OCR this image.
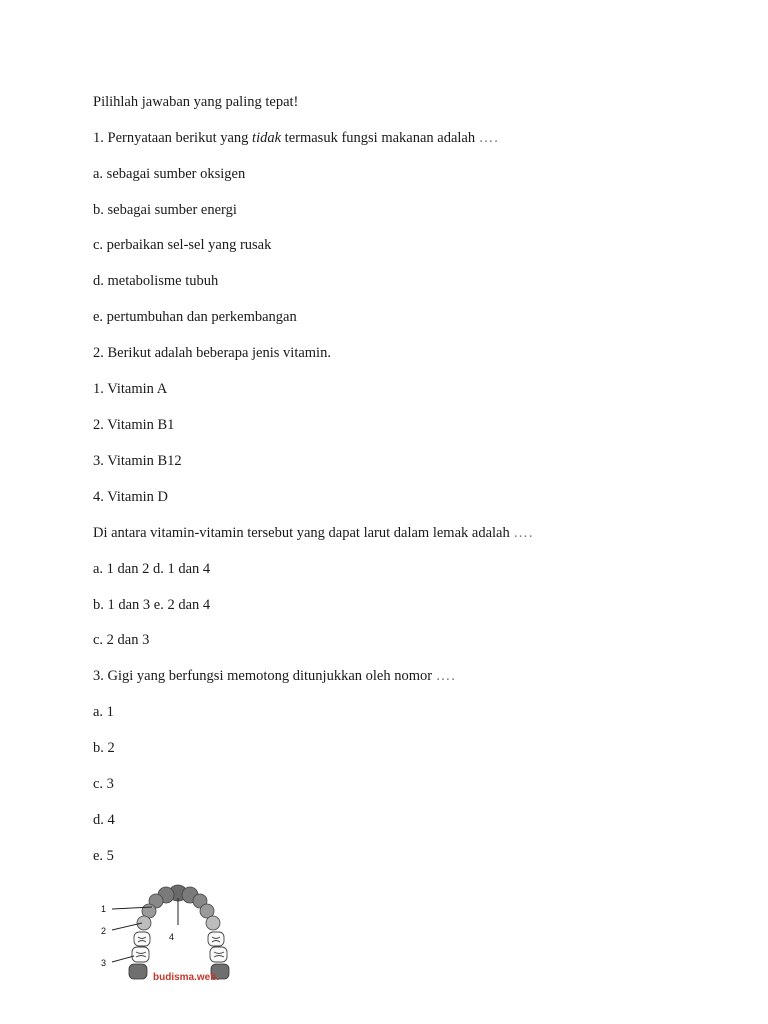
Pilihlah jawaban yang paling tepat!
1. Pernyataan berikut yang tidak termasuk fungsi makanan adalah ….
a. sebagai sumber oksigen
b. sebagai sumber energi
c. perbaikan sel-sel yang rusak
d. metabolisme tubuh
e. pertumbuhan dan perkembangan
2. Berikut adalah beberapa jenis vitamin.
1. Vitamin A
2. Vitamin B1
3. Vitamin B12
4. Vitamin D
Di antara vitamin-vitamin tersebut yang dapat larut dalam lemak adalah ….
a. 1 dan 2 d. 1 dan 4
b. 1 dan 3 e. 2 dan 4
c. 2 dan 3
3. Gigi yang berfungsi memotong ditunjukkan oleh nomor ….
a. 1
b. 2
c. 3
d. 4
e. 5
1
2
3
4
budisma.web.
